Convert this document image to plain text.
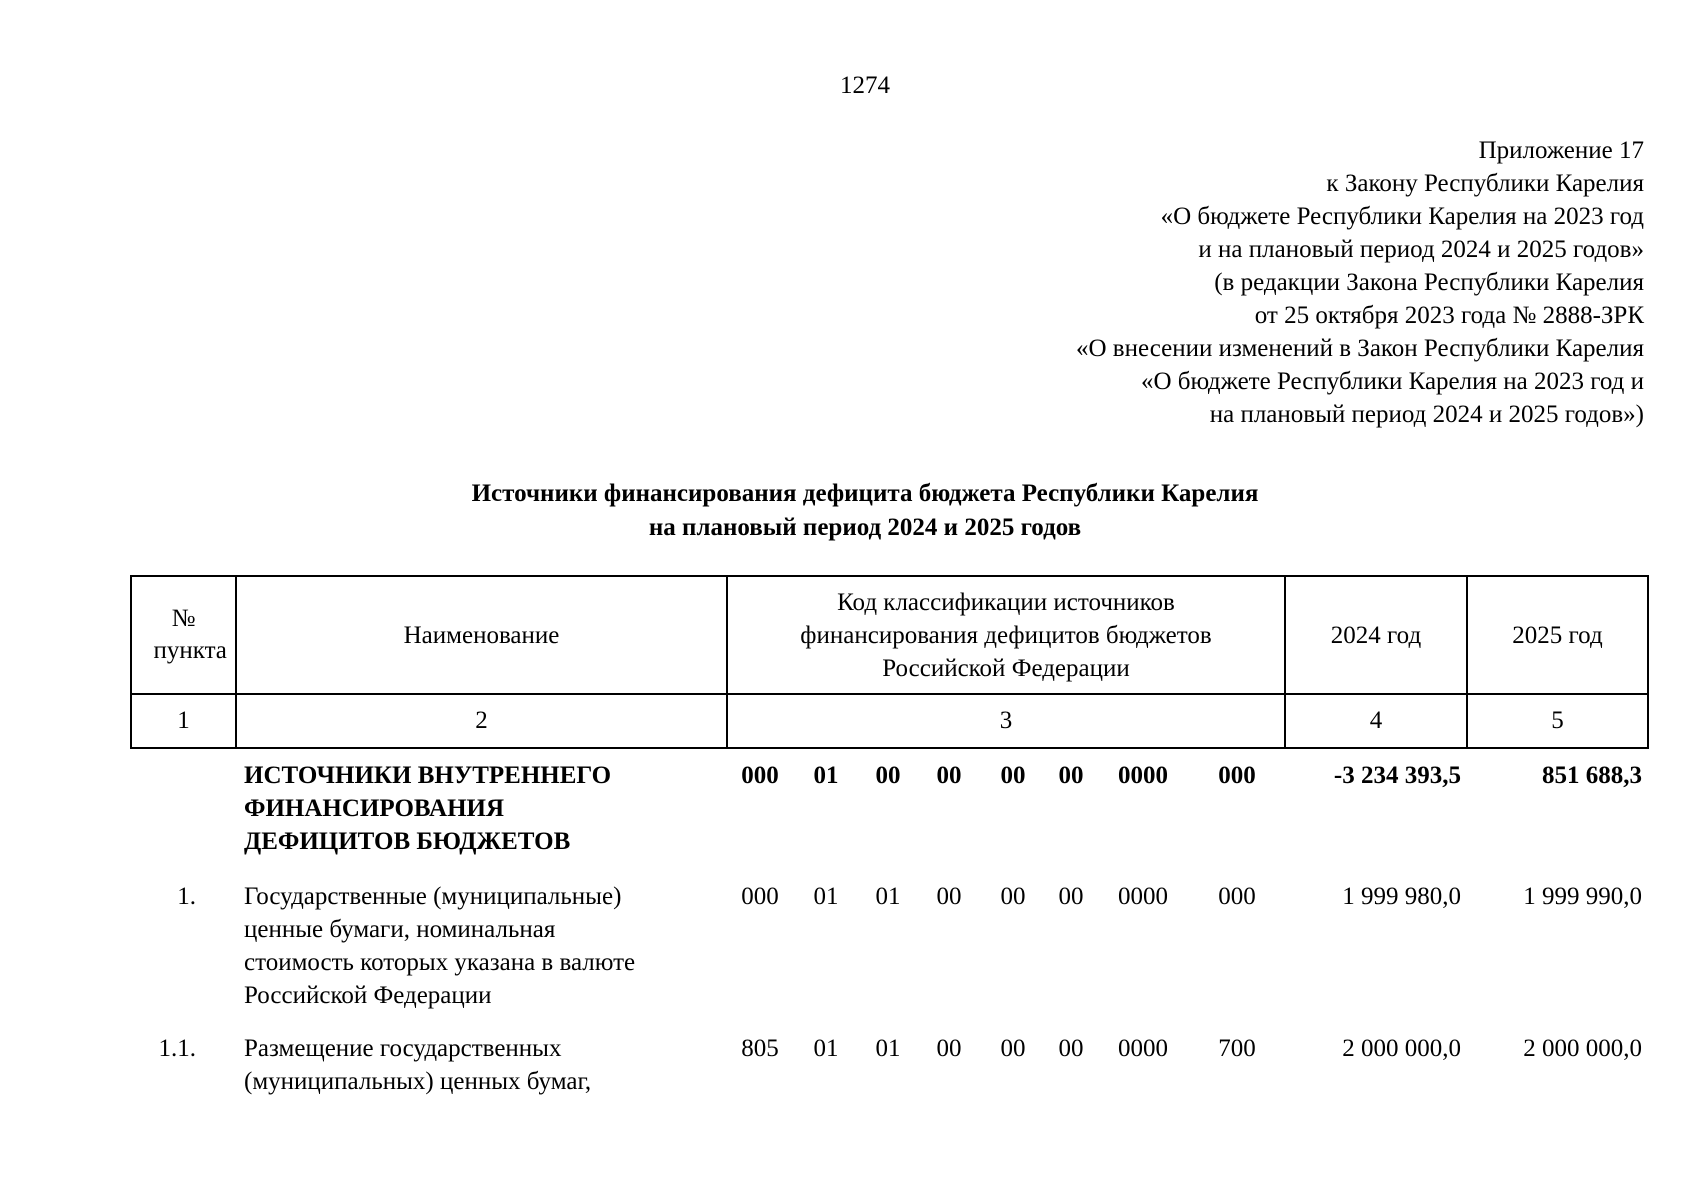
1274
Приложение 17
к Закону Республики Карелия
«О бюджете Республики Карелия на 2023 год
и на плановый период 2024 и 2025 годов»
(в редакции Закона Республики Карелия
от 25 октября 2023 года № 2888-ЗРК
«О внесении изменений в Закон Республики Карелия
«О бюджете Республики Карелия на 2023 год и
на плановый период 2024 и 2025 годов»)
Источники финансирования дефицита бюджета Республики Карелия
на плановый период 2024 и 2025 годов
№ пункта	Наименование	Код классификации источников финансирования дефицитов бюджетов Российской Федерации								2024 год	2025 год
1	2	3								4	5

	ИСТОЧНИКИ ВНУТРЕННЕГО
ФИНАНСИРОВАНИЯ
ДЕФИЦИТОВ БЮДЖЕТОВ	000	01	00	00	00	00	0000	000	-3 234 393,5	851 688,3
1.	Государственные (муниципальные)
ценные бумаги, номинальная
стоимость которых указана в валюте
Российской Федерации	000	01	01	00	00	00	0000	000	1 999 980,0	1 999 990,0
1.1.	Размещение государственных
(муниципальных) ценных бумаг,	805	01	01	00	00	00	0000	700	2 000 000,0	2 000 000,0
